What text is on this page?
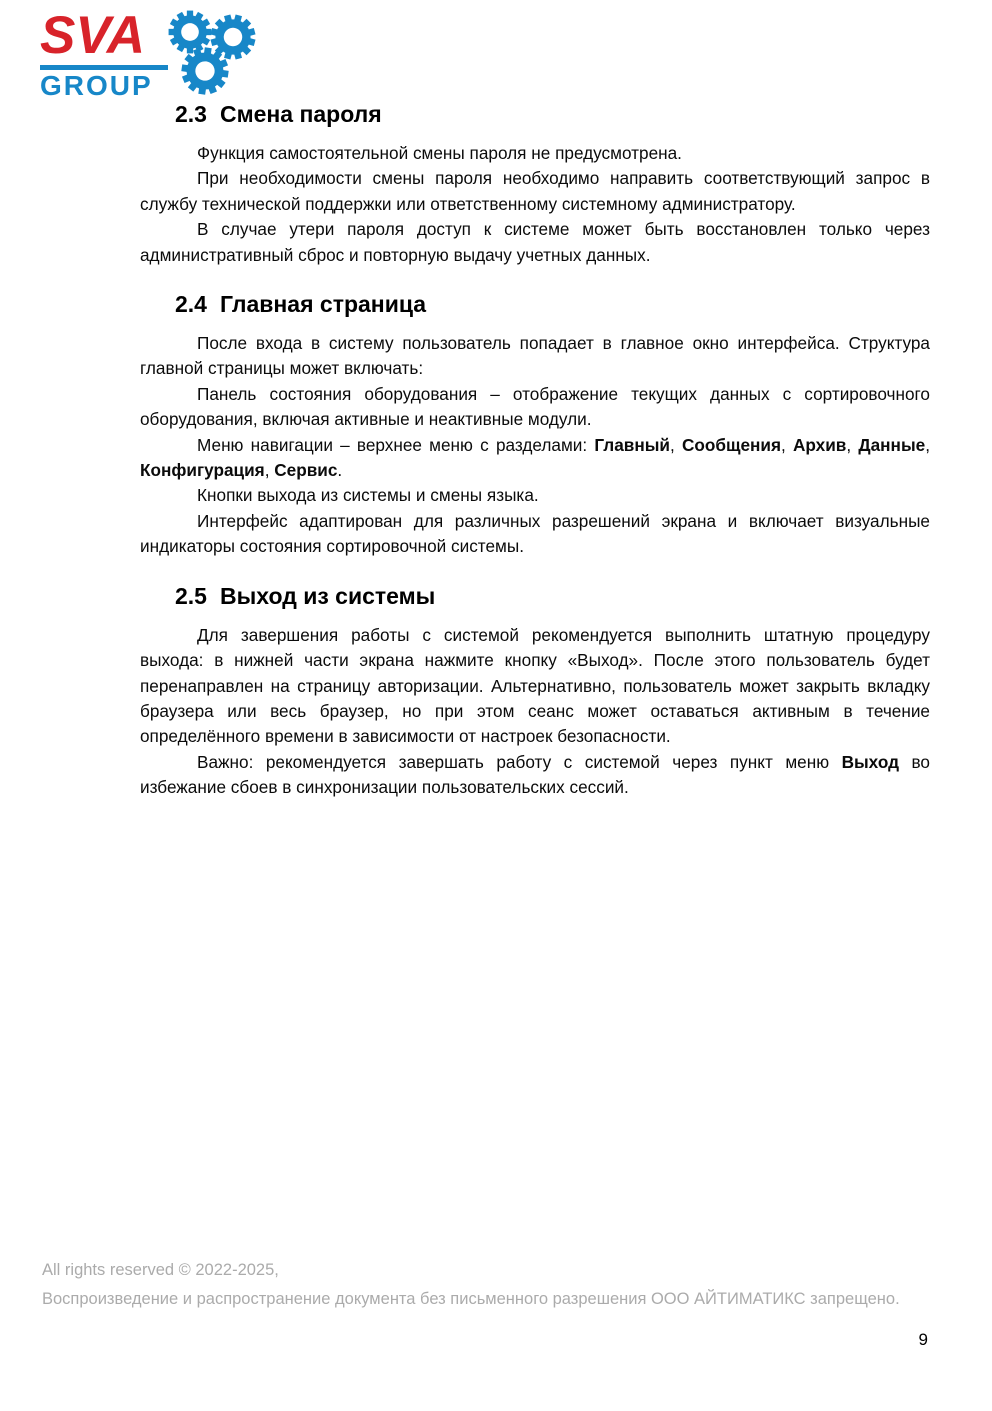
SVA
GROUP
2.3 Смена пароля

Функция самостоятельной смены пароля не предусмотрена.

При необходимости смены пароля необходимо направить соответствующий запрос в службу технической поддержки или ответственному системному администратору.

В случае утери пароля доступ к системе может быть восстановлен только через административный сброс и повторную выдачу учетных данных.

2.4 Главная страница

После входа в систему пользователь попадает в главное окно интерфейса. Структура главной страницы может включать:

Панель состояния оборудования – отображение текущих данных с сортировочного оборудования, включая активные и неактивные модули.

Меню навигации – верхнее меню с разделами: Главный, Сообщения, Архив, Данные, Конфигурация, Сервис.

Кнопки выхода из системы и смены языка.

Интерфейс адаптирован для различных разрешений экрана и включает визуальные индикаторы состояния сортировочной системы.

2.5 Выход из системы

Для завершения работы с системой рекомендуется выполнить штатную процедуру выхода: в нижней части экрана нажмите кнопку «Выход». После этого пользователь будет перенаправлен на страницу авторизации. Альтернативно, пользователь может закрыть вкладку браузера или весь браузер, но при этом сеанс может оставаться активным в течение определённого времени в зависимости от настроек безопасности.

Важно: рекомендуется завершать работу с системой через пункт меню Выход во избежание сбоев в синхронизации пользовательских сессий.

All rights reserved © 2022-2025,
Воспроизведение и распространение документа без письменного разрешения ООО АЙТИМАТИКС запрещено.
9
